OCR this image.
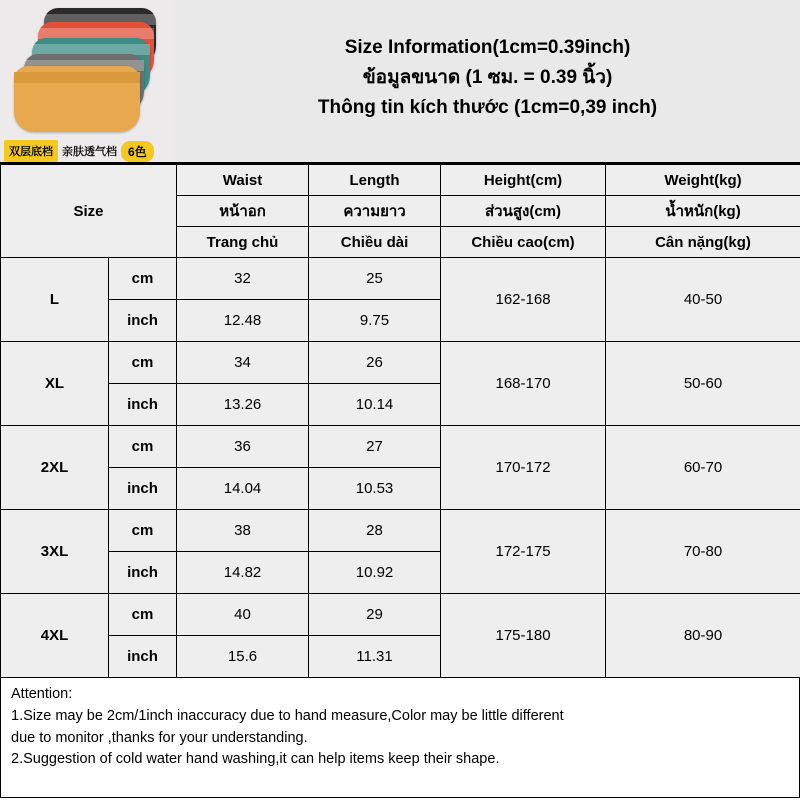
双层底档 亲肤透气档 6色
Size Information(1cm=0.39inch)
ข้อมูลขนาด (1 ซม. = 0.39 นิ้ว)
Thông tin kích thước (1cm=0,39 inch)
Size		Waist	Length	Height(cm)	Weight(kg)
		หน้าอก	ความยาว	ส่วนสูง(cm)	น้ำหนัก(kg)
		Trang chủ	Chiều dài	Chiều cao(cm)	Cân nặng(kg)
L	cm	32	25	162-168	40-50
	inch	12.48	9.75		
XL	cm	34	26	168-170	50-60
	inch	13.26	10.14		
2XL	cm	36	27	170-172	60-70
	inch	14.04	10.53		
3XL	cm	38	28	172-175	70-80
	inch	14.82	10.92		
4XL	cm	40	29	175-180	80-90
	inch	15.6	11.31		
Attention:
1.Size may be 2cm/1inch inaccuracy due to hand measure,Color may be little different
due to monitor ,thanks for your understanding.
2.Suggestion of cold water hand washing,it can help items keep their shape.
